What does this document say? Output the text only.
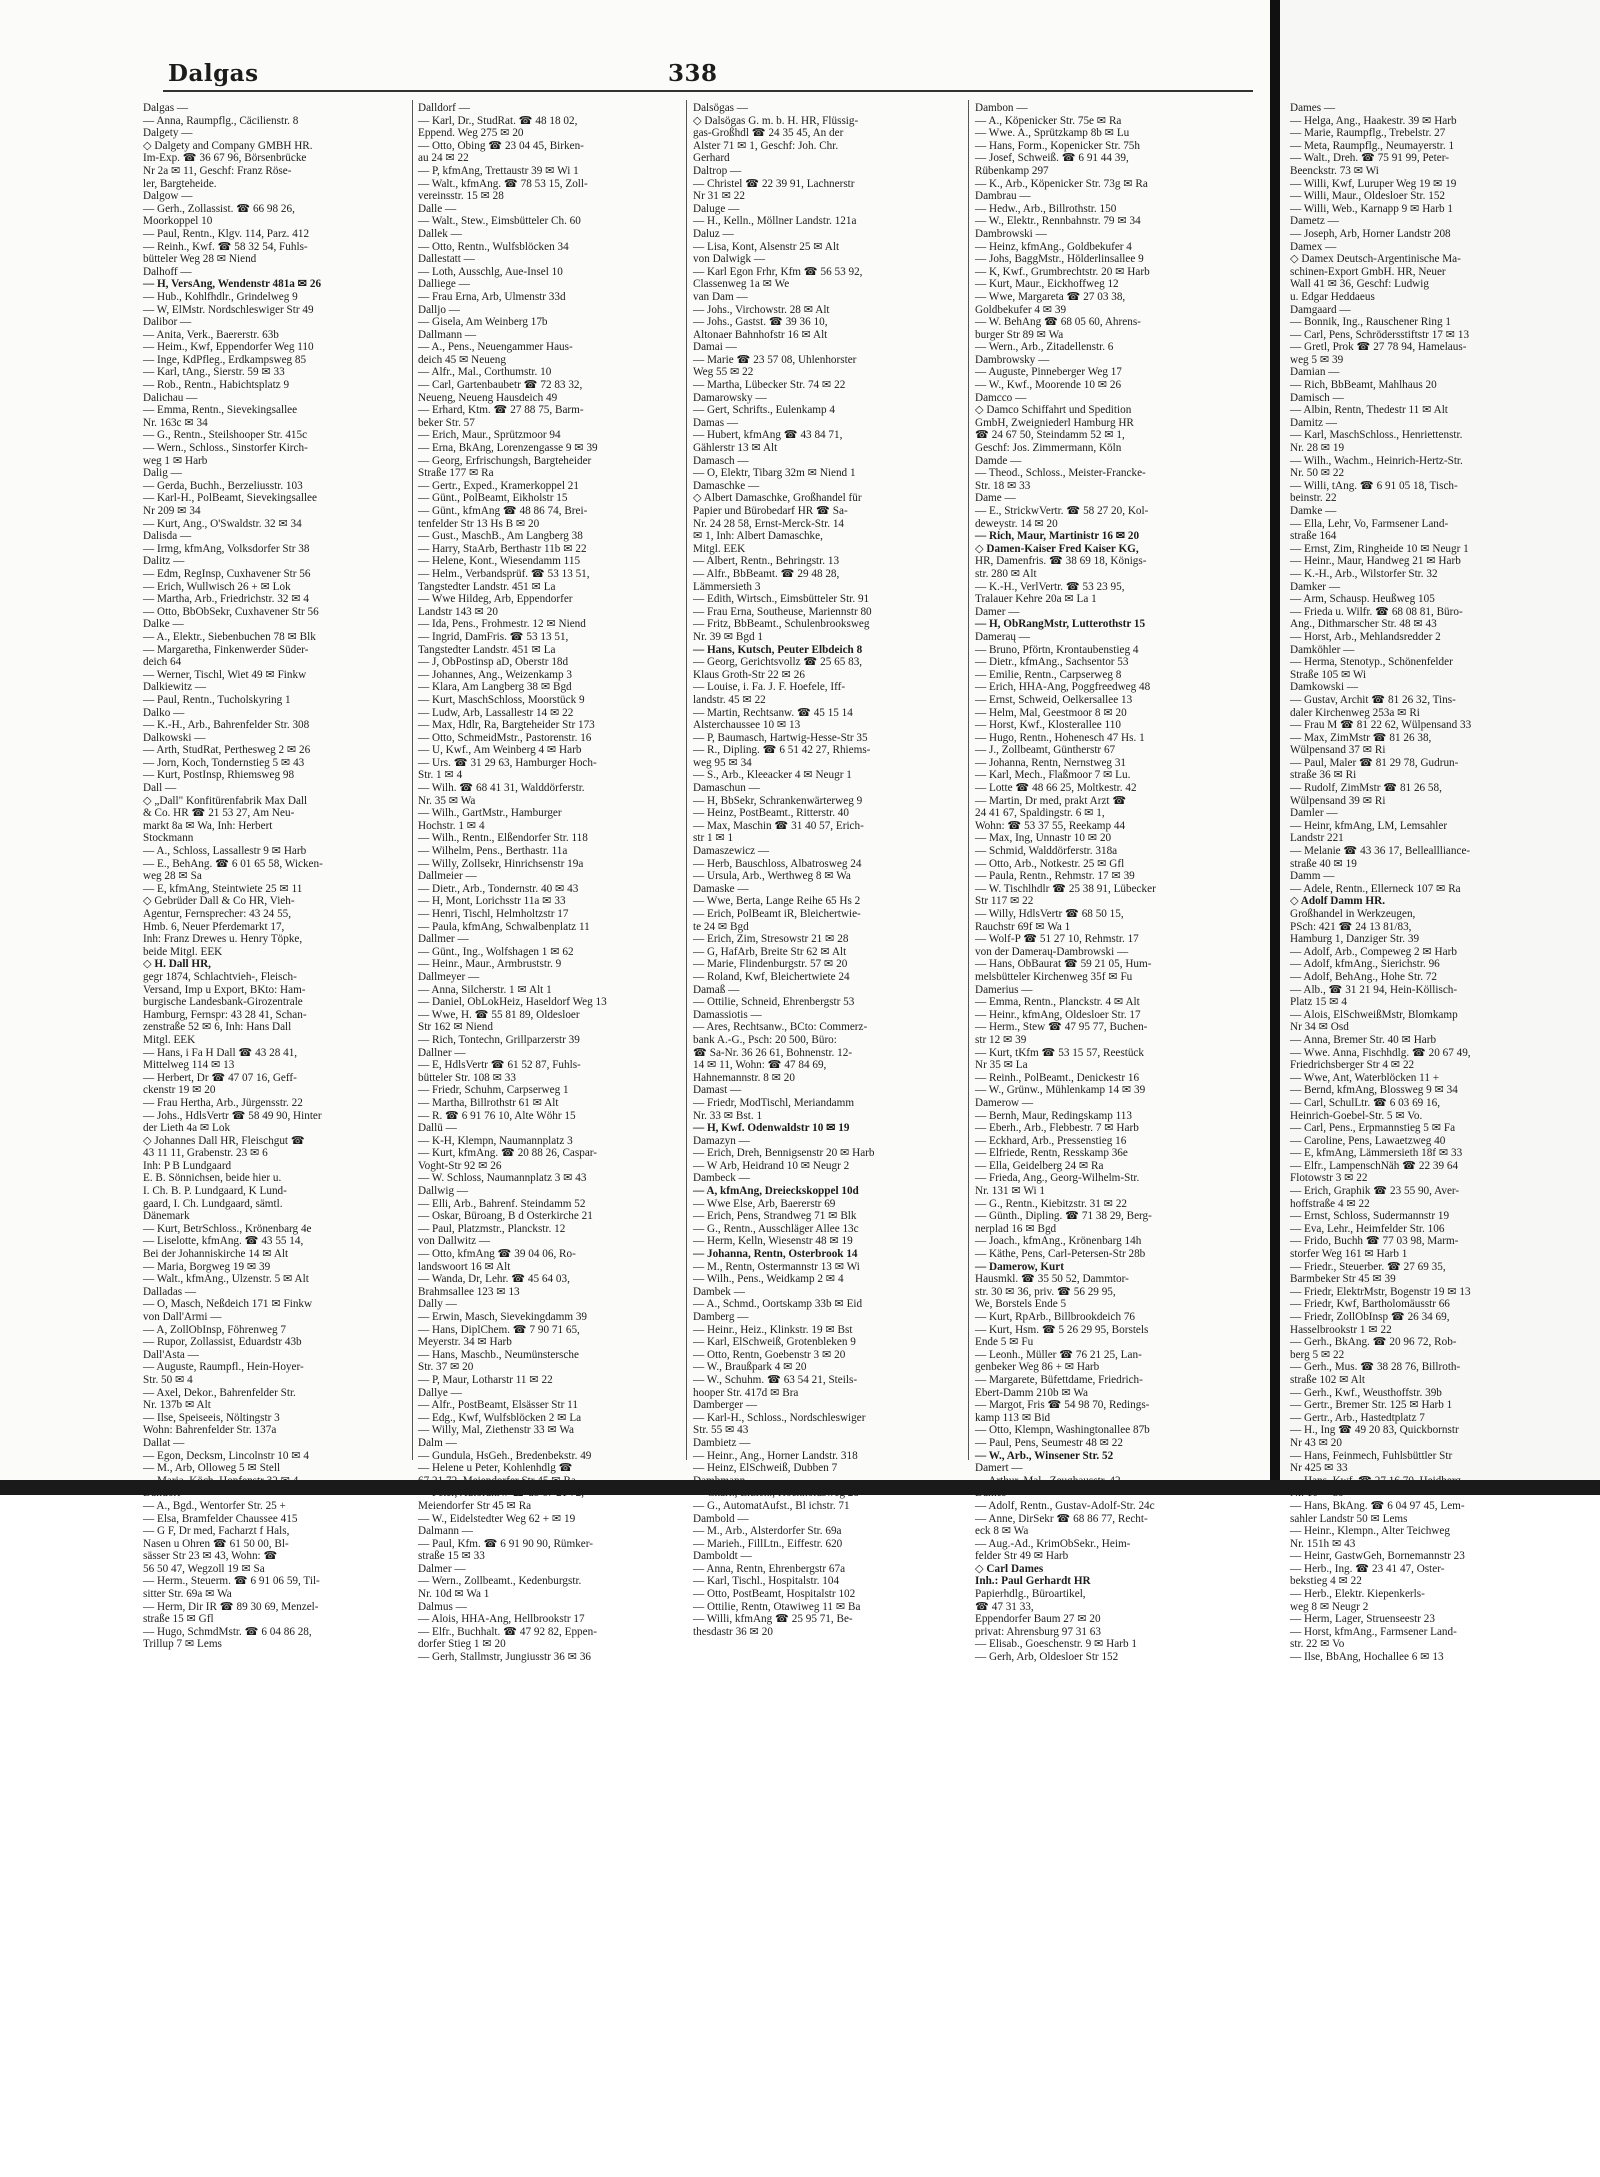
Dalgas	338
Dalgas —
— Anna, Raumpflg., Cäcilienstr. 8
Dalgety —
◇ Dalgety and Company GMBH HR.
Im-Exp. ☎ 36 67 96, Börsenbrücke
Nr 2a ✉ 11, Geschf: Franz Röse-
ler, Bargteheide.
Dalgow —
— Gerh., Zollassist. ☎ 66 98 26,
Moorkoppel 10
— Paul, Rentn., Klgv. 114, Parz. 412
— Reinh., Kwf. ☎ 58 32 54, Fuhls-
bütteler Weg 28 ✉ Niend
Dalhoff —
— H, VersAng, Wendenstr 481a ✉ 26
— Hub., Kohlfhdlr., Grindelweg 9
— W, ElMstr. Nordschleswiger Str 49
Dalibor —
— Anita, Verk., Baererstr. 63b
— Heim., Kwf, Eppendorfer Weg 110
— Inge, KdPfleg., Erdkampsweg 85
— Karl, tAng., Sierstr. 59 ✉ 33
— Rob., Rentn., Habichtsplatz 9
Dalichau —
— Emma, Rentn., Sievekingsallee
Nr. 163c ✉ 34
— G., Rentn., Steilshooper Str. 415c
— Wern., Schloss., Sinstorfer Kirch-
weg 1 ✉ Harb
Dalig —
— Gerda, Buchh., Berzeliusstr. 103
— Karl-H., PolBeamt, Sievekingsallee
Nr 209 ✉ 34
— Kurt, Ang., O'Swaldstr. 32 ✉ 34
Dalisda —
— Irmg, kfmAng, Volksdorfer Str 38
Dalitz —
— Edm, RegInsp, Cuxhavener Str 56
— Erich, Wullwisch 26 + ✉ Lok
— Martha, Arb., Friedrichstr. 32 ✉ 4
— Otto, BbObSekr, Cuxhavener Str 56
Dalke —
— A., Elektr., Siebenbuchen 78 ✉ Blk
— Margaretha, Finkenwerder Süder-
deich 64
— Werner, Tischl, Wiet 49 ✉ Finkw
Dalkiewitz —
— Paul, Rentn., Tucholskyring 1
Dalko —
— K.-H., Arb., Bahrenfelder Str. 308
Dalkowski —
— Arth, StudRat, Perthesweg 2 ✉ 26
— Jorn, Koch, Tondernstieg 5 ✉ 43
— Kurt, PostInsp, Rhiemsweg 98
Dall —
◇ „Dall" Konfitürenfabrik Max Dall
& Co. HR ☎ 21 53 27, Am Neu-
markt 8a ✉ Wa, Inh: Herbert
Stockmann
— A., Schloss, Lassallestr 9 ✉ Harb
— E., BehAng. ☎ 6 01 65 58, Wicken-
weg 28 ✉ Sa
— E, kfmAng, Steintwiete 25 ✉ 11
◇ Gebrüder Dall & Co HR, Vieh-
Agentur, Fernsprecher: 43 24 55,
Hmb. 6, Neuer Pferdemarkt 17,
Inh: Franz Drewes u. Henry Töpke,
beide Mitgl. EEK
◇ H. Dall HR,
gegr 1874, Schlachtvieh-, Fleisch-
Versand, Imp u Export, BKto: Ham-
burgische Landesbank-Girozentrale
Hamburg, Fernspr: 43 28 41, Schan-
zenstraße 52 ✉ 6, Inh: Hans Dall
Mitgl. EEK
— Hans, i Fa H Dall ☎ 43 28 41,
Mittelweg 114 ✉ 13
— Herbert, Dr ☎ 47 07 16, Geff-
ckenstr 19 ✉ 20
— Frau Hertha, Arb., Jürgensstr. 22
— Johs., HdlsVertr ☎ 58 49 90, Hinter
der Lieth 4a ✉ Lok
◇ Johannes Dall HR, Fleischgut ☎
43 11 11, Grabenstr. 23 ✉ 6
Inh: P B Lundgaard
E. B. Sönnichsen, beide hier u.
I. Ch. B. P. Lundgaard, K Lund-
gaard, I. Ch. Lundgaard, sämtl.
Dänemark
— Kurt, BetrSchloss., Krönenbarg 4e
— Liselotte, kfmAng. ☎ 43 55 14,
Bei der Johanniskirche 14 ✉ Alt
— Maria, Borgweg 19 ✉ 39
— Walt., kfmAng., Ulzenstr. 5 ✉ Alt
Dalladas —
— O, Masch, Neßdeich 171 ✉ Finkw
von Dall'Armi —
— A, ZollObInsp, Föhrenweg 7
— Rupor, Zollassist, Eduardstr 43b
Dall'Asta —
— Auguste, Raumpfl., Hein-Hoyer-
Str. 50 ✉ 4
— Axel, Dekor., Bahrenfelder Str.
Nr. 137b ✉ Alt
— Ilse, Speiseeis, Nöltingstr 3
Wohn: Bahrenfelder Str. 137a
Dallat —
— Egon, Decksm, Lincolnstr 10 ✉ 4
— M., Arb, Olloweg 5 ✉ Stell
— A., Bgd., Wentorfer Str. 25 +
— Elsa, Bramfelder Chaussee 415
— G F, Dr med, Facharzt f Hals,
Nasen u Ohren ☎ 61 50 00, Bl-
sässer Str 23 ✉ 43, Wohn: ☎
56 50 47, Wegzoll 19 ✉ Sa
— Herm., Steuerm. ☎ 6 91 06 59, Til-
sitter Str. 69a ✉ Wa
— Herm, Dir IR ☎ 89 30 69, Menzel-
straße 15 ✉ Gfl
— Hugo, SchmdMstr. ☎ 6 04 86 28,
Trillup 7 ✉ Lems
Dalldorf —
— Karl, Dr., StudRat. ☎ 48 18 02,
Eppend. Weg 275 ✉ 20
— Otto, Obing ☎ 23 04 45, Birken-
au 24 ✉ 22
— P, kfmAng, Trettaustr 39 ✉ Wi 1
— Walt., kfmAng. ☎ 78 53 15, Zoll-
vereinsstr. 15 ✉ 28
Dalle —
— Walt., Stew., Eimsbütteler Ch. 60
Dallek —
— Otto, Rentn., Wulfsblöcken 34
Dallestatt —
— Loth, Ausschlg, Aue-Insel 10
Dalliege —
— Frau Erna, Arb, Ulmenstr 33d
Dalljo —
— Gisela, Am Weinberg 17b
Dallmann —
— A., Pens., Neuengammer Haus-
deich 45 ✉ Neueng
— Alfr., Mal., Corthumstr. 10
— Carl, Gartenbaubetr ☎ 72 83 32,
Neueng, Neueng Hausdeich 49
— Erhard, Ktm. ☎ 27 88 75, Barm-
beker Str. 57
— Erich, Maur., Sprützmoor 94
— Erna, BkAng, Lorenzengasse 9 ✉ 39
— Georg, Erfrischungsh, Bargteheider
Straße 177 ✉ Ra
— Gertr., Exped., Kramerkoppel 21
— Günt., PolBeamt, Eikholstr 15
— Günt., kfmAng ☎ 48 86 74, Brei-
tenfelder Str 13 Hs B ✉ 20
— Gust., MaschB., Am Langberg 38
— Harry, StaArb, Berthastr 11b ✉ 22
— Helene, Kont., Wiesendamm 115
— Helm., Verbandsprüf. ☎ 53 13 51,
Tangstedter Landstr. 451 ✉ La
— Wwe Hildeg, Arb, Eppendorfer
Landstr 143 ✉ 20
— Ida, Pens., Frohmestr. 12 ✉ Niend
— Ingrid, DamFris. ☎ 53 13 51,
Tangstedter Landstr. 451 ✉ La
— J, ObPostinsp aD, Oberstr 18d
— Johannes, Ang., Weizenkamp 3
— Klara, Am Langberg 38 ✉ Bgd
— Kurt, MaschSchloss, Moorstück 9
— Ludw, Arb, Lassallestr 14 ✉ 22
— Max, Hdlr, Ra, Bargteheider Str 173
— Otto, SchmeidMstr., Pastorenstr. 16
— U, Kwf., Am Weinberg 4 ✉ Harb
— Urs. ☎ 31 29 63, Hamburger Hoch-
Str. 1 ✉ 4
— Wilh. ☎ 68 41 31, Walddörferstr.
Nr. 35 ✉ Wa
— Wilh., GartMstr., Hamburger
Hochstr. 1 ✉ 4
— Wilh., Rentn., Elßendorfer Str. 118
— Wilhelm, Pens., Berthastr. 11a
— Willy, Zollsekr, Hinrichsenstr 19a
Dallmeier —
— Dietr., Arb., Tondernstr. 40 ✉ 43
— H, Mont, Lorichsstr 11a ✉ 33
— Henri, Tischl, Helmholtzstr 17
— Paula, kfmAng, Schwalbenplatz 11
Dallmer —
— Günt., Ing., Wolfshagen 1 ✉ 62
— Heinr., Maur., Armbruststr. 9
Dallmeyer —
— Anna, Silcherstr. 1 ✉ Alt 1
— Daniel, ObLokHeiz, Haseldorf Weg 13
— Wwe, H. ☎ 55 81 89, Oldesloer
Str 162 ✉ Niend
— Rich, Tontechn, Grillparzerstr 39
Dallner —
— E, HdlsVertr ☎ 61 52 87, Fuhls-
bütteler Str. 108 ✉ 33
— Friedr, Schuhm, Carpserweg 1
— Martha, Billrothstr 61 ✉ Alt
— R. ☎ 6 91 76 10, Alte Wöhr 15
Dallü —
— K-H, Klempn, Naumannplatz 3
— Kurt, kfmAng. ☎ 20 88 26, Caspar-
Voght-Str 92 ✉ 26
— W. Schloss, Naumannplatz 3 ✉ 43
Dallwig —
— Elli, Arb., Bahrenf. Steindamm 52
— Oskar, Büroang, B d Osterkirche 21
— Paul, Platzmstr., Planckstr. 12
von Dallwitz —
— Otto, kfmAng ☎ 39 04 06, Ro-
landswoort 16 ✉ Alt
— Wanda, Dr, Lehr. ☎ 45 64 03,
Brahmsallee 123 ✉ 13
Dally —
— Erwin, Masch, Sievekingdamm 39
— Hans, DiplChem. ☎ 7 90 71 65,
Meyerstr. 34 ✉ Harb
— Hans, Maschb., Neumünstersche
Str. 37 ✉ 20
— P, Maur, Lotharstr 11 ✉ 22
Dallye —
— Alfr., PostBeamt, Elsässer Str 11
— Edg., Kwf, Wulfsblöcken 2 ✉ La
— Willy, Mal, Ziethenstr 33 ✉ Wa
Dalm —
— Gundula, HsGeh., Bredenbekstr. 49
— Helene u Peter, Kohlenhdlg ☎
Meiendorfer Str 45 ✉ Ra
— W., Eidelstedter Weg 62 + ✉ 19
Dalmann —
— Paul, Kfm. ☎ 6 91 90 90, Rümker-
straße 15 ✉ 33
Dalmer —
— Wern., Zollbeamt., Kedenburgstr.
Nr. 10d ✉ Wa 1
Dalmus —
— Alois, HHA-Ang, Hellbrookstr 17
— Elfr., Buchhalt. ☎ 47 92 82, Eppen-
dorfer Stieg 1 ✉ 20
— Gerh, Stallmstr, Jungiusstr 36 ✉ 36
Dalsögas —
◇ Dalsögas G. m. b. H. HR, Flüssig-
gas-Großhdl ☎ 24 35 45, An der
Alster 71 ✉ 1, Geschf: Joh. Chr.
Gerhard
Daltrop —
— Christel ☎ 22 39 91, Lachnerstr
Nr 31 ✉ 22
Daluge —
— H., Kelln., Möllner Landstr. 121a
Daluz —
— Lisa, Kont, Alsenstr 25 ✉ Alt
von Dalwigk —
— Karl Egon Frhr, Kfm ☎ 56 53 92,
Classenweg 1a ✉ We
van Dam —
— Johs., Virchowstr. 28 ✉ Alt
— Johs., Gastst. ☎ 39 36 10,
Altonaer Bahnhofstr 16 ✉ Alt
Damai —
— Marie ☎ 23 57 08, Uhlenhorster
Weg 55 ✉ 22
— Martha, Lübecker Str. 74 ✉ 22
Damarowsky —
— Gert, Schrifts., Eulenkamp 4
Damas —
— Hubert, kfmAng ☎ 43 84 71,
Gählerstr 13 ✉ Alt
Damasch —
— O, Elektr, Tibarg 32m ✉ Niend 1
Damaschke —
◇ Albert Damaschke, Großhandel für
Papier und Bürobedarf HR ☎ Sa-
Nr. 24 28 58, Ernst-Merck-Str. 14
✉ 1, Inh: Albert Damaschke,
Mitgl. EEK
— Albert, Rentn., Behringstr. 13
— Alfr., BbBeamt. ☎ 29 48 28,
Lämmersieth 3
— Edith, Wirtsch., Eimsbütteler Str. 91
— Frau Erna, Southeuse, Mariennstr 80
— Fritz, BbBeamt., Schulenbrooksweg
Nr. 39 ✉ Bgd 1
— Hans, Kutsch, Peuter Elbdeich 8
— Georg, Gerichtsvollz ☎ 25 65 83,
Klaus Groth-Str 22 ✉ 26
— Louise, i. Fa. J. F. Hoefele, Iff-
landstr. 45 ✉ 22
— Martin, Rechtsanw. ☎ 45 15 14
Alsterchaussee 10 ✉ 13
— P, Baumasch, Hartwig-Hesse-Str 35
— R., Dipling. ☎ 6 51 42 27, Rhiems-
weg 95 ✉ 34
— S., Arb., Kleeacker 4 ✉ Neugr 1
Damaschun —
— H, BbSekr, Schrankenwärterweg 9
— Heinz, PostBeamt., Ritterstr. 40
— Max, Maschin ☎ 31 40 57, Erich-
str 1 ✉ 1
Damaszewicz —
— Herb, Bauschloss, Albatrosweg 24
— Ursula, Arb., Werthweg 8 ✉ Wa
Damaske —
— Wwe, Berta, Lange Reihe 65 Hs 2
— Erich, PolBeamt iR, Bleichertwie-
te 24 ✉ Bgd
— Erich, Zim, Stresowstr 21 ✉ 28
— G, HafArb, Breite Str 62 ✉ Alt
— Marie, Flindenburgstr. 57 ✉ 20
— Roland, Kwf, Bleichertwiete 24
Damaß —
— Ottilie, Schneid, Ehrenbergstr 53
Damassiotis —
— Ares, Rechtsanw., BCto: Commerz-
bank A.-G., Psch: 20 500, Büro:
☎ Sa-Nr. 36 26 61, Bohnenstr. 12-
14 ✉ 11, Wohn: ☎ 47 84 69,
Hahnemannstr. 8 ✉ 20
Damast —
— Friedr, ModTischl, Meriandamm
Nr. 33 ✉ Bst. 1
— H, Kwf. Odenwaldstr 10 ✉ 19
Damazyn —
— Erich, Dreh, Bennigsenstr 20 ✉ Harb
— W Arb, Heidrand 10 ✉ Neugr 2
Dambeck —
— A, kfmAng, Dreieckskoppel 10d
— Wwe Else, Arb, Baererstr 69
— Erich, Pens, Strandweg 71 ✉ Blk
— G., Rentn., Ausschläger Allee 13c
— Herm, Kelln, Wiesenstr 48 ✉ 19
— Johanna, Rentn, Osterbrook 14
— M., Rentn, Ostermannstr 13 ✉ Wi
— Wilh., Pens., Weidkamp 2 ✉ 4
Dambek —
— A., Schmd., Oortskamp 33b ✉ Eid
Damberg —
— Heinr., Heiz., Klinkstr. 19 ✉ Bst
— Karl, ElSchweiß, Grotenbleken 9
— Otto, Rentn, Goebenstr 3 ✉ 20
— W., Braußpark 4 ✉ 20
— W., Schuhm. ☎ 63 54 21, Steils-
hooper Str. 417d ✉ Bra
Damberger —
— Karl-H., Schloss., Nordschleswiger
Str. 55 ✉ 43
Dambietz —
— Heinr., Ang., Horner Landstr. 318
— Heinz, ElSchweiß, Dubben 7
— G., AutomatAufst., Bl ichstr. 71
Dambold —
— M., Arb., Alsterdorfer Str. 69a
— Marieh., FillLtn., Eiffestr. 620
Damboldt —
— Anna, Rentn, Ehrenbergstr 67a
— Karl, Tischl., Hospitalstr. 104
— Otto, PostBeamt, Hospitalstr 102
— Ottilie, Rentn, Otawiweg 11 ✉ Ba
— Willi, kfmAng ☎ 25 95 71, Be-
thesdastr 36 ✉ 20
Dambon —
— A., Köpenicker Str. 75e ✉ Ra
— Wwe. A., Sprützkamp 8b ✉ Lu
— Hans, Form., Kopenicker Str. 75h
— Josef, Schweiß. ☎ 6 91 44 39,
Rübenkamp 297
— K., Arb., Köpenicker Str. 73g ✉ Ra
Dambrau —
— Hedw., Arb., Billrothstr. 150
— W., Elektr., Rennbahnstr. 79 ✉ 34
Dambrowski —
— Heinz, kfmAng., Goldbekufer 4
— Johs, BaggMstr., Hölderlinsallee 9
— K, Kwf., Grumbrechtstr. 20 ✉ Harb
— Kurt, Maur., Eickhoffweg 12
— Wwe, Margareta ☎ 27 03 38,
Goldbekufer 4 ✉ 39
— W. BehAng ☎ 68 05 60, Ahrens-
burger Str 89 ✉ Wa
— Wern., Arb., Zitadellenstr. 6
Dambrowsky —
— Auguste, Pinneberger Weg 17
— W., Kwf., Moorende 10 ✉ 26
Damcco —
◇ Damco Schiffahrt und Spedition
GmbH, Zweigniederl Hamburg HR
☎ 24 67 50, Steindamm 52 ✉ 1,
Geschf: Jos. Zimmermann, Köln
Damde —
— Theod., Schloss., Meister-Francke-
Str. 18 ✉ 33
Dame —
— E., StrickwVertr. ☎ 58 27 20, Kol-
deweystr. 14 ✉ 20
— Rich, Maur, Martinistr 16 ✉ 20
◇ Damen-Kaiser Fred Kaiser KG,
HR, Damenfris. ☎ 38 69 18, Königs-
str. 280 ✉ Alt
— K.-H., VerlVertr. ☎ 53 23 95,
Tralauer Kehre 20a ✉ La 1
Damer —
— H, ObRangMstr, Lutterothstr 15
Dameraų —
— Bruno, Pförtn, Krontaubenstieg 4
— Dietr., kfmAng., Sachsentor 53
— Emilie, Rentn., Carpserweg 8
— Erich, HHA-Ang, Poggfreedweg 48
— Ernst, Schweid, Oelkersallee 13
— Helm, Mal, Geestmoor 8 ✉ 20
— Horst, Kwf., Klosterallee 110
— Hugo, Rentn., Hohenesch 47 Hs. 1
— J., Zollbeamt, Güntherstr 67
— Johanna, Rentn, Nernstweg 31
— Karl, Mech., Flaßmoor 7 ✉ Lu.
— Lotte ☎ 48 66 25, Moltkestr. 42
— Martin, Dr med, prakt Arzt ☎
24 41 67, Spaldingstr. 6 ✉ 1,
Wohn: ☎ 53 37 55, Reekamp 44
— Max, Ing, Unnastr 10 ✉ 20
— Schmid, Walddörferstr. 318a
— Otto, Arb., Notkestr. 25 ✉ Gfl
— Paula, Rentn., Rehmstr. 17 ✉ 39
— W. Tischlhdlr ☎ 25 38 91, Lübecker
Str 117 ✉ 22
— Willy, HdlsVertr ☎ 68 50 15,
Rauchstr 69f ✉ Wa 1
— Wolf-P ☎ 51 27 10, Rehmstr. 17
von der Dameraų-Dambrowski —
— Hans, ObBaurat ☎ 59 21 05, Hum-
melsbütteler Kirchenweg 35f ✉ Fu
Damerius —
— Emma, Rentn., Planckstr. 4 ✉ Alt
— Heinr., kfmAng, Oldesloer Str. 17
— Herm., Stew ☎ 47 95 77, Buchen-
str 12 ✉ 39
— Kurt, tKfm ☎ 53 15 57, Reestück
Nr 35 ✉ La
— Reinh., PolBeamt., Denickestr 16
— W., Grünw., Mühlenkamp 14 ✉ 39
Damerow —
— Bernh, Maur, Redingskamp 113
— Eberh., Arb., Flebbestr. 7 ✉ Harb
— Eckhard, Arb., Pressenstieg 16
— Elfriede, Rentn, Resskamp 36e
— Ella, Geidelberg 24 ✉ Ra
— Frieda, Ang., Georg-Wilhelm-Str.
Nr. 131 ✉ Wi 1
— G., Rentn., Kiebitzstr. 31 ✉ 22
— Günth., Dipling. ☎ 71 38 29, Berg-
nerplad 16 ✉ Bgd
— Joach., kfmAng., Krönenbarg 14h
— Käthe, Pens, Carl-Petersen-Str 28b
— Damerow, Kurt
Hausmkl. ☎ 35 50 52, Dammtor-
str. 30 ✉ 36, priv. ☎ 56 29 95,
We, Borstels Ende 5
— Kurt, RpArb., Billbrookdeich 76
— Kurt, Hsm. ☎ 5 26 29 95, Borstels
Ende 5 ✉ Fu
— Leonh., Müller ☎ 76 21 25, Lan-
genbeker Weg 86 + ✉ Harb
— Margarete, Büfettdame, Friedrich-
Ebert-Damm 210b ✉ Wa
— Margot, Fris ☎ 54 98 70, Redings-
kamp 113 ✉ Bid
— Otto, Klempn, Washingtonallee 87b
— Paul, Pens, Seumestr 48 ✉ 22
— W., Arb., Winsener Str. 52
Damert —
— Adolf, Rentn., Gustav-Adolf-Str. 24c
— Anne, DirSekr ☎ 68 86 77, Recht-
eck 8 ✉ Wa
— Aug.-Ad., KrimObSekr., Heim-
felder Str 49 ✉ Harb
◇ Carl Dames
Inh.: Paul Gerhardt HR
Papierhdlg., Büroartikel,
☎ 47 31 33,
Eppendorfer Baum 27 ✉ 20
privat: Ahrensburg 97 31 63
— Elisab., Goeschenstr. 9 ✉ Harb 1
— Gerh, Arb, Oldesloer Str 152
Dames —
— Helga, Ang., Haakestr. 39 ✉ Harb
— Marie, Raumpflg., Trebelstr. 27
— Meta, Raumpflg., Neumayerstr. 1
— Walt., Dreh. ☎ 75 91 99, Peter-
Beenckstr. 73 ✉ Wi
— Willi, Kwf, Luruper Weg 19 ✉ 19
— Willi, Maur., Oldesloer Str. 152
— Willi, Web., Karnapp 9 ✉ Harb 1
Dametz —
— Joseph, Arb, Horner Landstr 208
Damex —
◇ Damex Deutsch-Argentinische Ma-
schinen-Export GmbH. HR, Neuer
Wall 41 ✉ 36, Geschf: Ludwig
u. Edgar Heddaeus
Damgaard —
— Bonnik, Ing., Rauschener Ring 1
— Carl, Pens, Schrödersstiftstr 17 ✉ 13
— Gretl, Prok ☎ 27 78 94, Hamelaus-
weg 5 ✉ 39
Damian —
— Rich, BbBeamt, Mahlhaus 20
Damisch —
— Albin, Rentn, Thedestr 11 ✉ Alt
Damitz —
— Karl, MaschSchloss., Henriettenstr.
Nr. 28 ✉ 19
— Wilh., Wachm., Heinrich-Hertz-Str.
Nr. 50 ✉ 22
— Willi, tAng. ☎ 6 91 05 18, Tisch-
beinstr. 22
Damke —
— Ella, Lehr, Vo, Farmsener Land-
straße 164
— Ernst, Zim, Ringheide 10 ✉ Neugr 1
— Heinr., Maur, Handweg 21 ✉ Harb
— K.-H., Arb., Wilstorfer Str. 32
Damker —
— Arm, Schausp. Heußweg 105
— Frieda u. Wilfr. ☎ 68 08 81, Büro-
Ang., Dithmarscher Str. 48 ✉ 43
— Horst, Arb., Mehlandsredder 2
Damköhler —
— Herma, Stenotyp., Schönenfelder
Straße 105 ✉ Wi
Damkowski —
— Gustav, Archit ☎ 81 26 32, Tins-
daler Kirchenweg 253a ✉ Ri
— Frau M ☎ 81 22 62, Wülpensand 33
— Max, ZimMstr ☎ 81 26 38,
Wülpensand 37 ✉ Ri
— Paul, Maler ☎ 81 29 78, Gudrun-
straße 36 ✉ Ri
— Rudolf, ZimMstr ☎ 81 26 58,
Wülpensand 39 ✉ Ri
Damler —
— Heinr, kfmAng, LM, Lemsahler
Landstr 221
— Melanie ☎ 43 36 17, Belleallliance-
straße 40 ✉ 19
Damm —
— Adele, Rentn., Ellerneck 107 ✉ Ra
◇ Adolf Damm HR.
Großhandel in Werkzeugen,
PSch: 421 ☎ 24 13 81/83,
Hamburg 1, Danziger Str. 39
— Adolf, Arb., Compeweg 2 ✉ Harb
— Adolf, kfmAng., Sierichstr. 96
— Adolf, BehAng., Hohe Str. 72
— Alb., ☎ 31 21 94, Hein-Köllisch-
Platz 15 ✉ 4
— Alois, ElSchweißMstr, Blomkamp
Nr 34 ✉ Osd
— Anna, Bremer Str. 40 ✉ Harb
— Wwe. Anna, Fischhdlg. ☎ 20 67 49,
Friedrichsberger Str 4 ✉ 22
— Wwe, Ant, Waterblöcken 11 +
— Bernd, kfmAng, Blossweg 9 ✉ 34
— Carl, SchulLtr. ☎ 6 03 69 16,
Heinrich-Goebel-Str. 5 ✉ Vo.
— Carl, Pens., Erpmannstieg 5 ✉ Fa
— Caroline, Pens, Lawaetzweg 40
— E, kfmAng, Lämmersieth 18f ✉ 33
— Elfr., LampenschNäh ☎ 22 39 64
Flotowstr 3 ✉ 22
— Erich, Graphik ☎ 23 55 90, Aver-
hoffstraße 4 ✉ 22
— Ernst, Schloss, Sudermannstr 19
— Eva, Lehr., Heimfelder Str. 106
— Frido, Buchh ☎ 77 03 98, Marm-
storfer Weg 161 ✉ Harb 1
— Friedr., Steuerber. ☎ 27 69 35,
Barmbeker Str 45 ✉ 39
— Friedr, ElektrMstr, Bogenstr 19 ✉ 13
— Friedr, Kwf, Bartholomäusstr 66
— Friedr, ZollObInsp ☎ 26 34 69,
Hasselbrookstr 1 ✉ 22
— Gerh., BkAng. ☎ 20 96 72, Rob-
berg 5 ✉ 22
— Gerh., Mus. ☎ 38 28 76, Billroth-
straße 102 ✉ Alt
— Gerh., Kwf., Weusthoffstr. 39b
— Gertr., Bremer Str. 125 ✉ Harb 1
— Gertr., Arb., Hastedtplatz 7
— H., Ing ☎ 49 20 83, Quickbornstr
Nr 43 ✉ 20
— Hans, Feinmech, Fuhlsbüttler Str
Nr 425 ✉ 33
— Hans, BkAng. ☎ 6 04 97 45, Lem-
sahler Landstr 50 ✉ Lems
— Heinr., Klempn., Alter Teichweg
Nr. 151h ✉ 43
— Heinr, GastwGeh, Bornemannstr 23
— Herb., Ing. ☎ 23 41 47, Oster-
bekstieg 4 ✉ 22
— Herb., Elektr. Kiepenkerls-
weg 8 ✉ Neugr 2
— Herm, Lager, Struenseestr 23
— Horst, kfmAng., Farmsener Land-
str. 22 ✉ Vo
— Ilse, BbAng, Hochallee 6 ✉ 13
